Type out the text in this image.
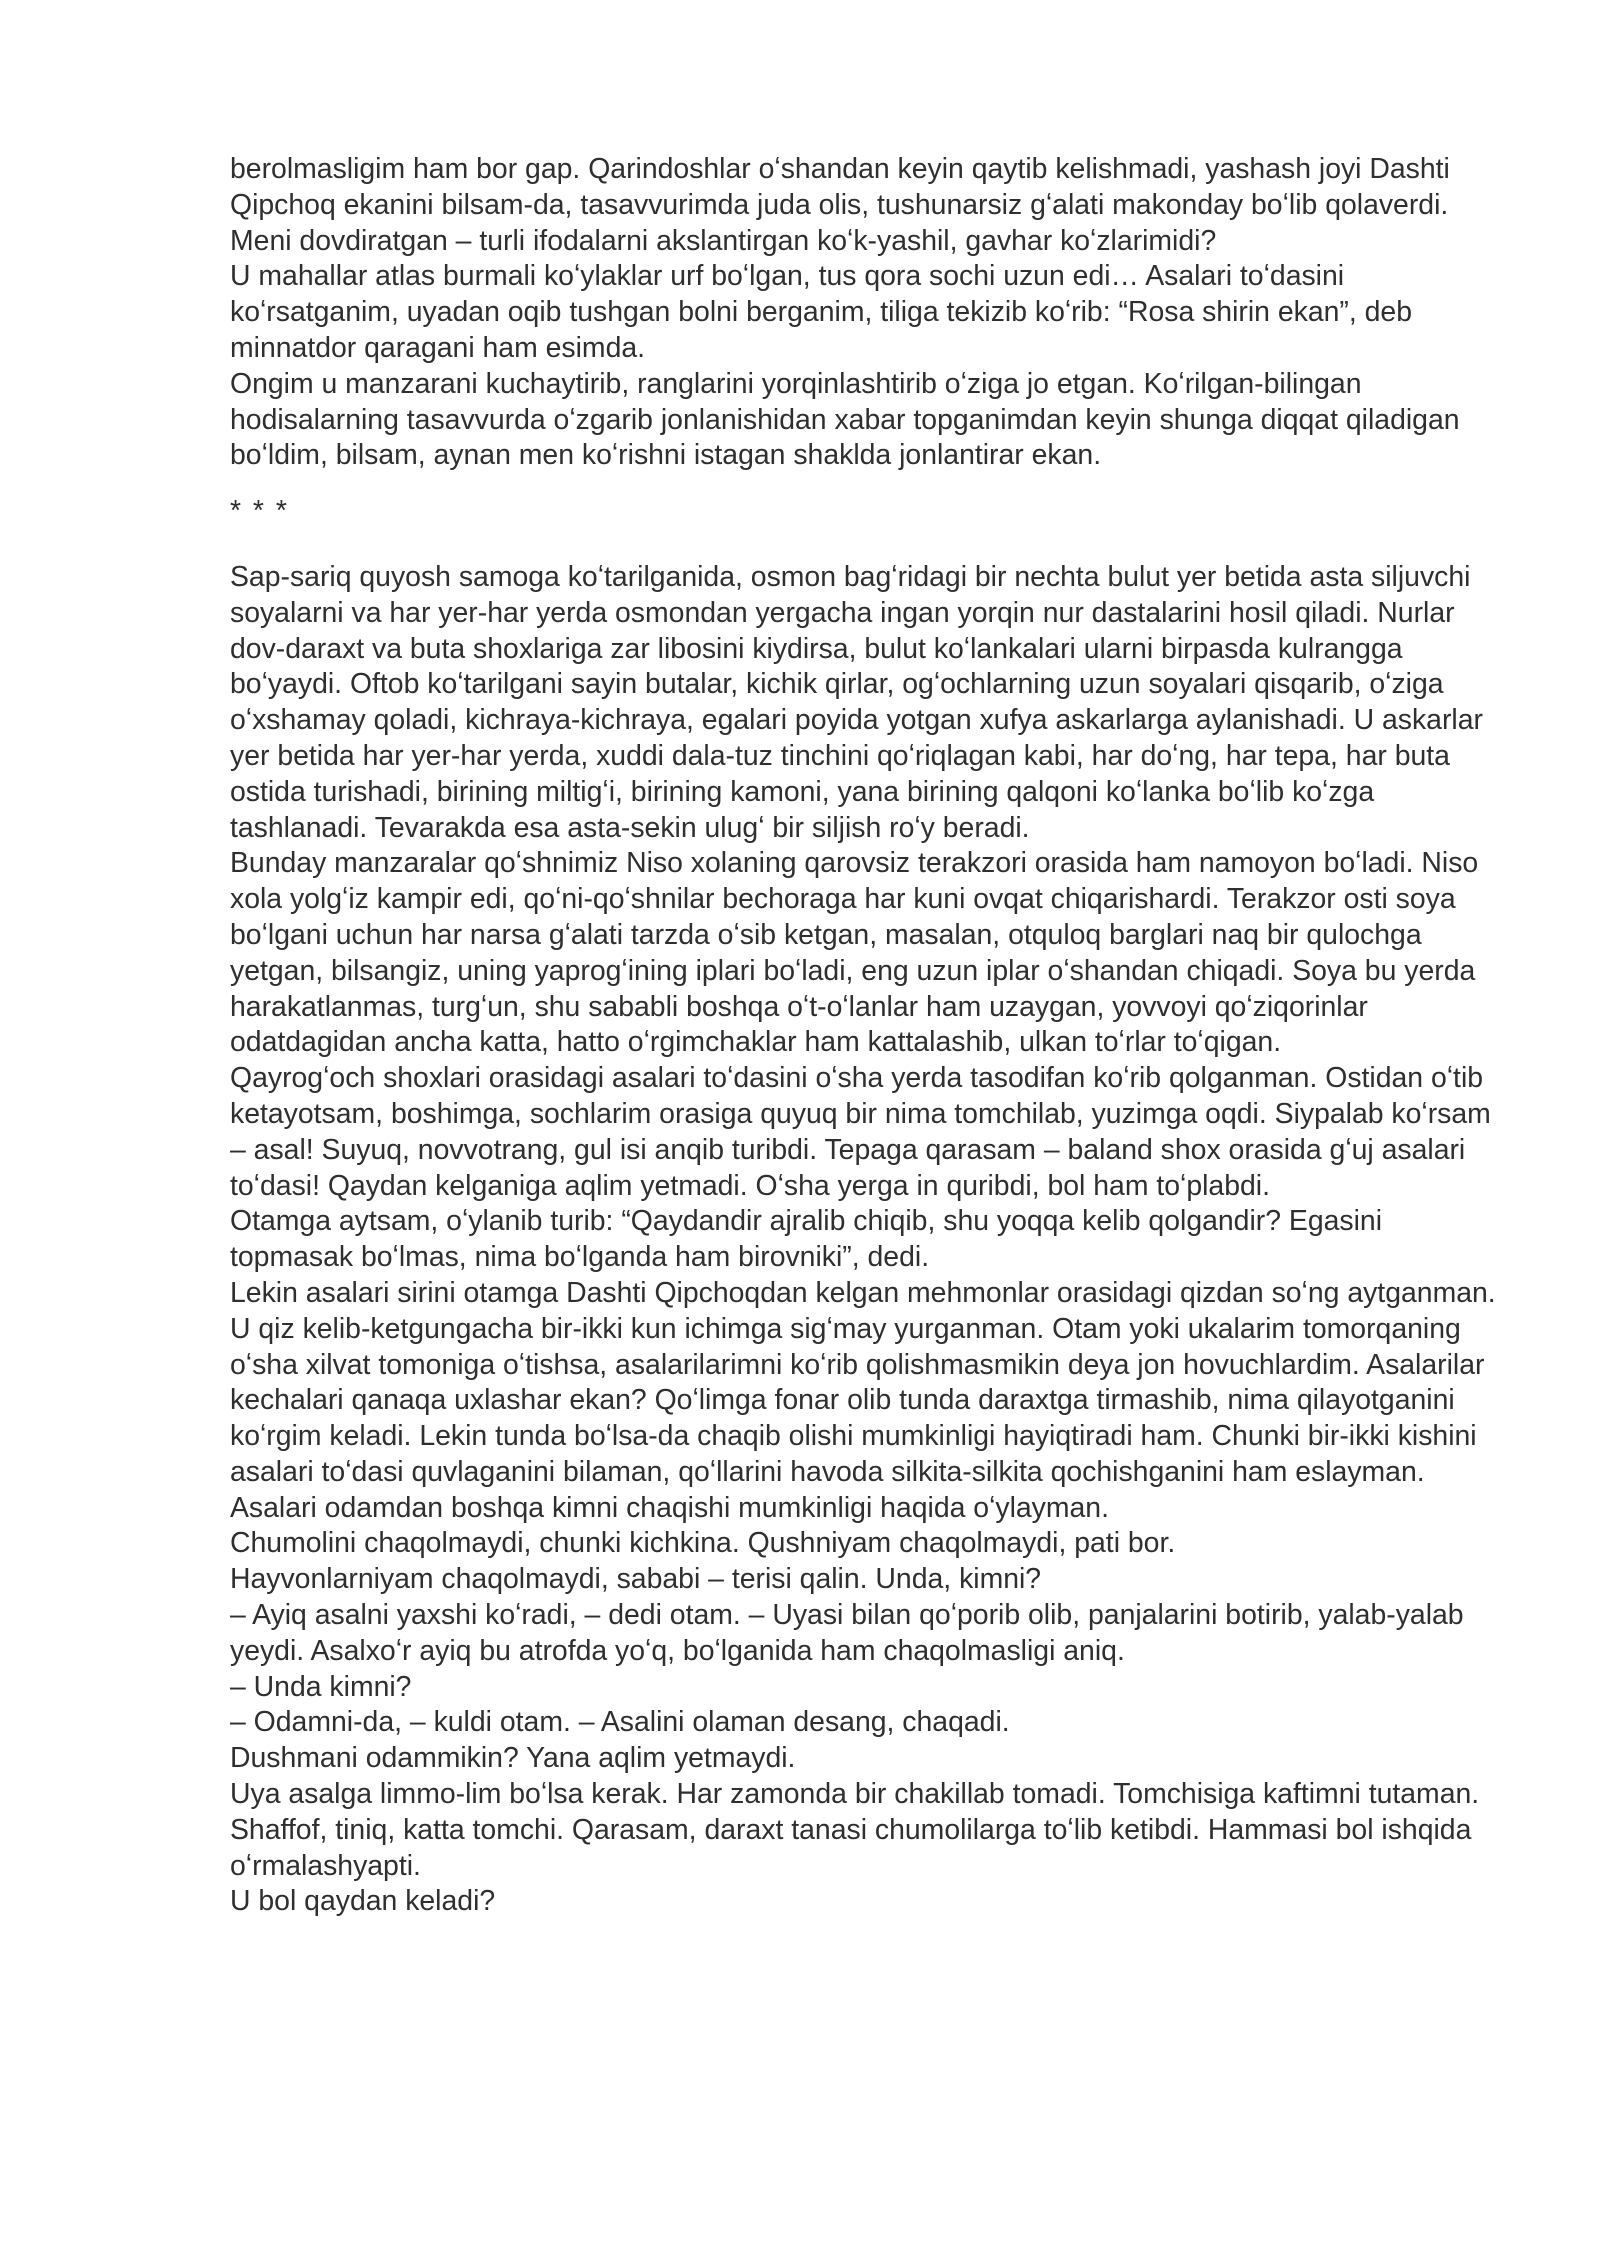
berolmasligim ham bor gap. Qarindoshlar oʻshandan keyin qaytib kelishmadi, yashash joyi Dashti Qipchoq ekanini bilsam-da, tasavvurimda juda olis, tushunarsiz gʻalati makonday boʻlib qolaverdi. Meni dovdiratgan – turli ifodalarni akslantirgan koʻk-yashil, gavhar koʻzlarimidi?

U mahallar atlas burmali koʻylaklar urf boʻlgan, tus qora sochi uzun edi… Asalari toʻdasini koʻrsatganim, uyadan oqib tushgan bolni berganim, tiliga tekizib koʻrib: “Rosa shirin ekan”, deb minnatdor qaragani ham esimda.

Ongim u manzarani kuchaytirib, ranglarini yorqinlashtirib oʻziga jo etgan. Koʻrilgan-bilingan hodisalarning tasavvurda oʻzgarib jonlanishidan xabar topganimdan keyin shunga diqqat qiladigan boʻldim, bilsam, aynan men koʻrishni istagan shaklda jonlantirar ekan.

* * *

Sap-sariq quyosh samoga koʻtarilganida, osmon bagʻridagi bir nechta bulut yer betida asta siljuvchi soyalarni va har yer-har yerda osmondan yergacha ingan yorqin nur dastalarini hosil qiladi. Nurlar dov-daraxt va buta shoxlariga zar libosini kiydirsa, bulut koʻlankalari ularni birpasda kulrangga boʻyaydi. Oftob koʻtarilgani sayin butalar, kichik qirlar, ogʻochlarning uzun soyalari qisqarib, oʻziga oʻxshamay qoladi, kichraya-kichraya, egalari poyida yotgan xufya askarlarga aylanishadi. U askarlar yer betida har yer-har yerda, xuddi dala-tuz tinchini qoʻriqlagan kabi, har doʻng, har tepa, har buta ostida turishadi, birining miltigʻi, birining kamoni, yana birining qalqoni koʻlanka boʻlib koʻzga tashlanadi. Tevarakda esa asta-sekin ulugʻ bir siljish roʻy beradi.

Bunday manzaralar qoʻshnimiz Niso xolaning qarovsiz terakzori orasida ham namoyon boʻladi. Niso xola yolgʻiz kampir edi, qoʻni-qoʻshnilar bechoraga har kuni ovqat chiqarishardi. Terakzor osti soya boʻlgani uchun har narsa gʻalati tarzda oʻsib ketgan, masalan, otquloq barglari naq bir qulochga yetgan, bilsangiz, uning yaprogʻining iplari boʻladi, eng uzun iplar oʻshandan chiqadi. Soya bu yerda harakatlanmas, turgʻun, shu sababli boshqa oʻt-oʻlanlar ham uzaygan, yovvoyi qoʻziqorinlar odatdagidan ancha katta, hatto oʻrgimchaklar ham kattalashib, ulkan toʻrlar toʻqigan.

Qayrogʻoch shoxlari orasidagi asalari toʻdasini oʻsha yerda tasodifan koʻrib qolganman. Ostidan oʻtib ketayotsam, boshimga, sochlarim orasiga quyuq bir nima tomchilab, yuzimga oqdi. Siypalab koʻrsam – asal! Suyuq, novvotrang, gul isi anqib turibdi. Tepaga qarasam – baland shox orasida gʻuj asalari toʻdasi! Qaydan kelganiga aqlim yetmadi. Oʻsha yerga in quribdi, bol ham toʻplabdi.

Otamga aytsam, oʻylanib turib: “Qaydandir ajralib chiqib, shu yoqqa kelib qolgandir? Egasini topmasak boʻlmas, nima boʻlganda ham birovniki”, dedi.

Lekin asalari sirini otamga Dashti Qipchoqdan kelgan mehmonlar orasidagi qizdan soʻng aytganman. U qiz kelib-ketgungacha bir-ikki kun ichimga sigʻmay yurganman. Otam yoki ukalarim tomorqaning oʻsha xilvat tomoniga oʻtishsa, asalarilarimni koʻrib qolishmasmikin deya jon hovuchlardim. Asalarilar kechalari qanaqa uxlashar ekan? Qoʻlimga fonar olib tunda daraxtga tirmashib, nima qilayotganini koʻrgim keladi. Lekin tunda boʻlsa-da chaqib olishi mumkinligi hayiqtiradi ham. Chunki bir-ikki kishini asalari toʻdasi quvlaganini bilaman, qoʻllarini havoda silkita-silkita qochishganini ham eslayman.

Asalari odamdan boshqa kimni chaqishi mumkinligi haqida oʻylayman.

Chumolini chaqolmaydi, chunki kichkina. Qushniyam chaqolmaydi, pati bor.

Hayvonlarniyam chaqolmaydi, sababi – terisi qalin. Unda, kimni?

– Ayiq asalni yaxshi koʻradi, – dedi otam. – Uyasi bilan qoʻporib olib, panjalarini botirib, yalab-yalab yeydi. Asalxoʻr ayiq bu atrofda yoʻq, boʻlganida ham chaqolmasligi aniq.

– Unda kimni?

– Odamni-da, – kuldi otam. – Asalini olaman desang, chaqadi.

Dushmani odammikin? Yana aqlim yetmaydi.

Uya asalga limmo-lim boʻlsa kerak. Har zamonda bir chakillab tomadi. Tomchisiga kaftimni tutaman. Shaffof, tiniq, katta tomchi. Qarasam, daraxt tanasi chumolilarga toʻlib ketibdi. Hammasi bol ishqida oʻrmalashyapti.

U bol qaydan keladi?
